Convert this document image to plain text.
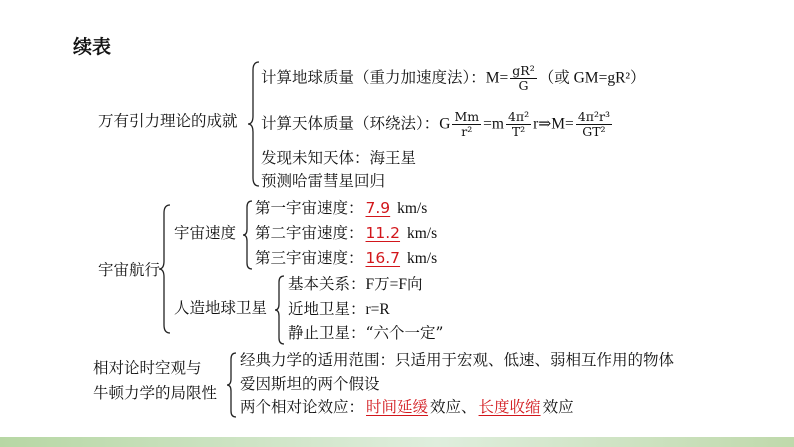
续表
万有引力理论的成就
计算地球质量（重力加速度法）：$M= \frac{\text{gR²}}{G}$ （或 GM=gR²）
计算天体质量（环绕法）：G $\frac{Mm}{\text{r²}} =m \frac{\text{4π²}}{\text{T²}}$ r⇒M= $\frac{\text{4π²r³}}{\text{GT²}}$
发现未知天体：海王星
预测哈雷彗星回归
宇宙航行
宇宙速度
第一宇宙速度： 7.9 km/s
第二宇宙速度： 11.2 km/s
第三宇宙速度： 16.7 km/s
人造地球卫星
基本关系：F万=F向
近地卫星：r=R
静止卫星：“六个一定”
相对论时空观与
牛顿力学的局限性
经典力学的适用范围：只适用于宏观、低速、弱相互作用的物体
爱因斯坦的两个假设
两个相对论效应： 时间延缓 效应、 长度收缩 效应
